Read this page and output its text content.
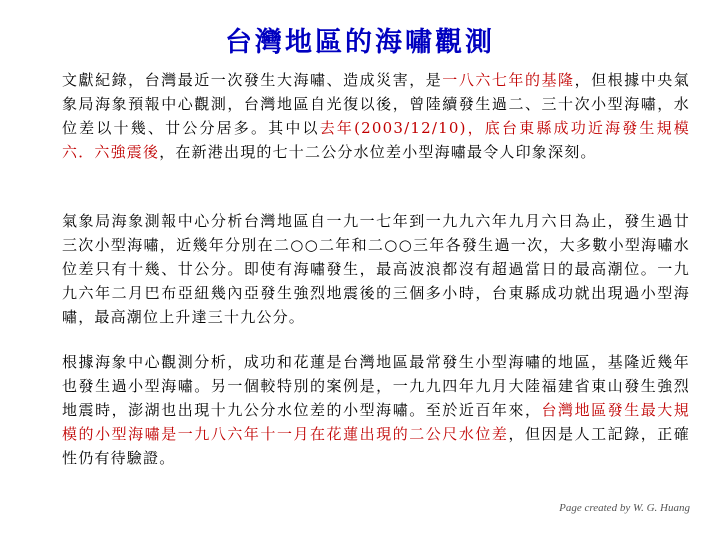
台灣地區的海嘯觀測

文獻紀錄，台灣最近一次發生大海嘯、造成災害，是一八六七年的基隆，但根據中央氣象局海象預報中心觀測，台灣地區自光復以後，曾陸續發生過二、三十次小型海嘯，水位差以十幾、廿公分居多。其中以去年(2003/12/10)，底台東縣成功近海發生規模六．六強震後，在新港出現的七十二公分水位差小型海嘯最令人印象深刻。

氣象局海象測報中心分析台灣地區自一九一七年到一九九六年九月六日為止，發生過廿三次小型海嘯，近幾年分別在二○○二年和二○○三年各發生過一次，大多數小型海嘯水位差只有十幾、廿公分。即使有海嘯發生，最高波浪都沒有超過當日的最高潮位。一九九六年二月巴布亞紐幾內亞發生強烈地震後的三個多小時，台東縣成功就出現過小型海嘯，最高潮位上升達三十九公分。

根據海象中心觀測分析，成功和花蓮是台灣地區最常發生小型海嘯的地區，基隆近幾年也發生過小型海嘯。另一個較特別的案例是，一九九四年九月大陸福建省東山發生強烈地震時，澎湖也出現十九公分水位差的小型海嘯。至於近百年來，台灣地區發生最大規模的小型海嘯是一九八六年十一月在花蓮出現的二公尺水位差，但因是人工記錄，正確性仍有待驗證。

Page created by W. G. Huang
